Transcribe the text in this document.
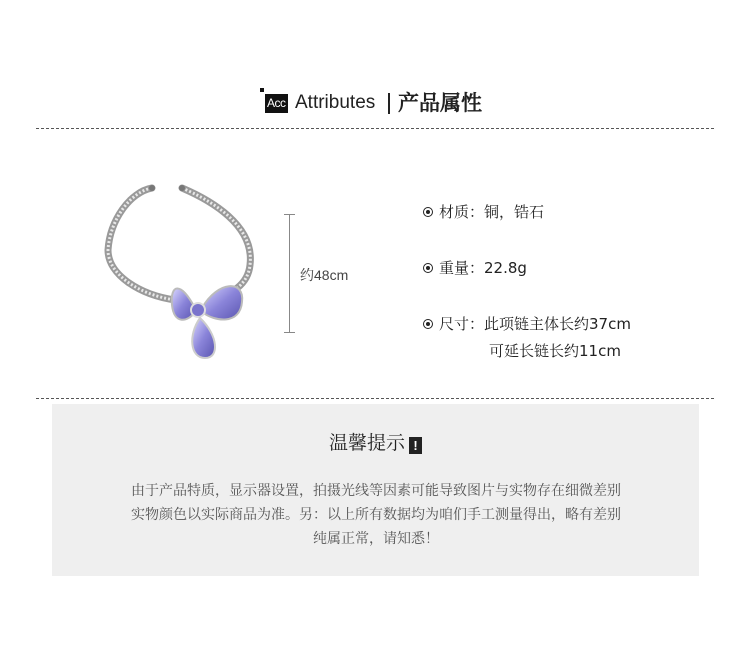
Acc Attributes 产品属性
约48cm
材质：铜，锆石
重量：22.8g
尺寸：此项链主体长约37cm
可延长链长约11cm
温馨提示 !
由于产品特质，显示器设置，拍摄光线等因素可能导致图片与实物存在细微差别
实物颜色以实际商品为准。另：以上所有数据均为咱们手工测量得出，略有差别
纯属正常，请知悉！
